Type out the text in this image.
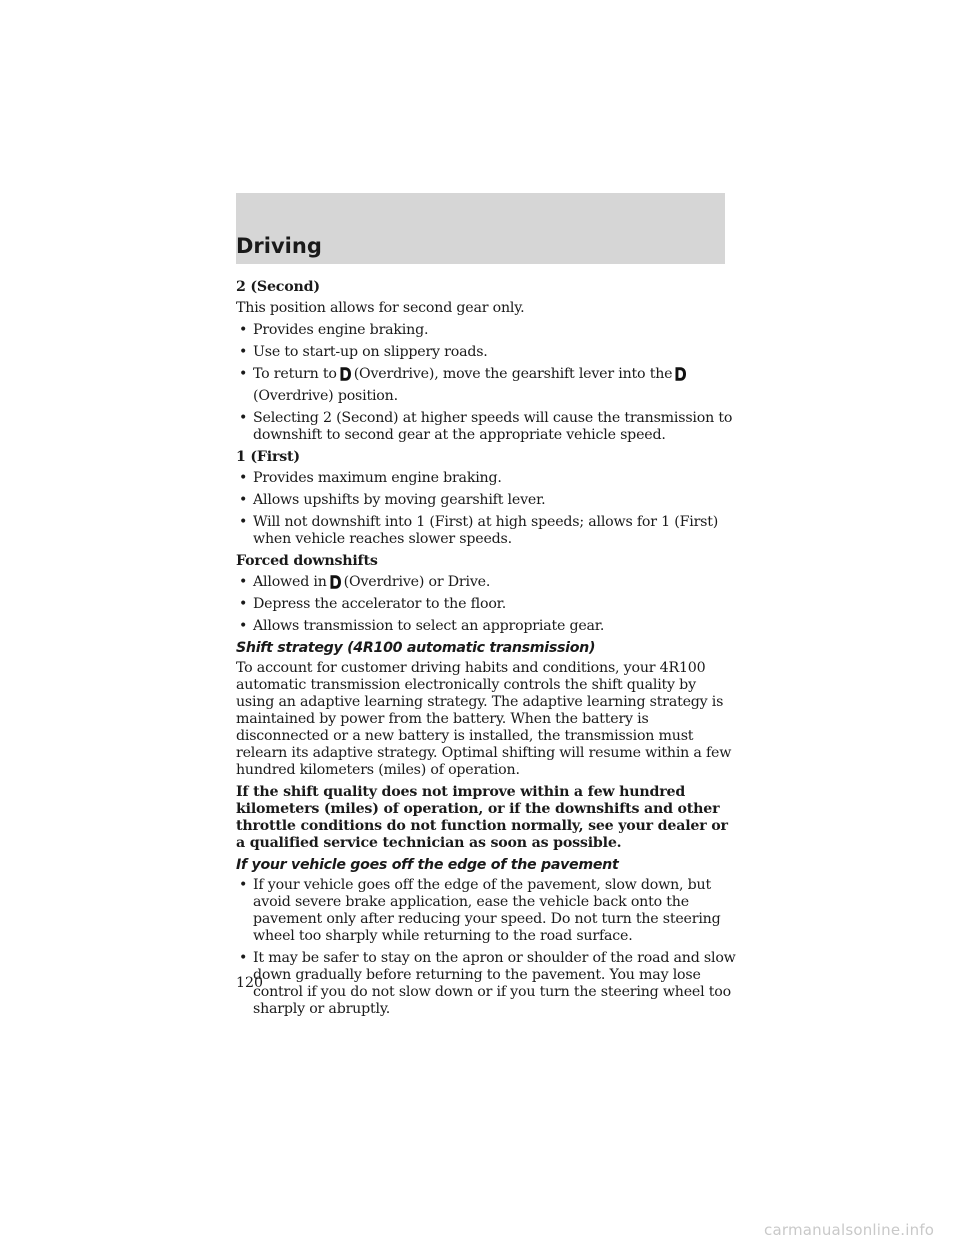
Driving
2 (Second)

This position allows for second gear only.

• Provides engine braking.
• Use to start-up on slippery roads.
• To return to (Overdrive), move the gearshift lever into the
(Overdrive) position.
• Selecting 2 (Second) at higher speeds will cause the transmission to downshift to second gear at the appropriate vehicle speed.
1 (First)
• Provides maximum engine braking.
• Allows upshifts by moving gearshift lever.
• Will not downshift into 1 (First) at high speeds; allows for 1 (First) when vehicle reaches slower speeds.
Forced downshifts
• Allowed in (Overdrive) or Drive.
• Depress the accelerator to the floor.
• Allows transmission to select an appropriate gear.
Shift strategy (4R100 automatic transmission)

To account for customer driving habits and conditions, your 4R100 automatic transmission electronically controls the shift quality by using an adaptive learning strategy. The adaptive learning strategy is maintained by power from the battery. When the battery is disconnected or a new battery is installed, the transmission must relearn its adaptive strategy. Optimal shifting will resume within a few hundred kilometers (miles) of operation.

If the shift quality does not improve within a few hundred kilometers (miles) of operation, or if the downshifts and other throttle conditions do not function normally, see your dealer or a qualified service technician as soon as possible.

If your vehicle goes off the edge of the pavement
• If your vehicle goes off the edge of the pavement, slow down, but avoid severe brake application, ease the vehicle back onto the pavement only after reducing your speed. Do not turn the steering wheel too sharply while returning to the road surface.
• It may be safer to stay on the apron or shoulder of the road and slow down gradually before returning to the pavement. You may lose control if you do not slow down or if you turn the steering wheel too sharply or abruptly.
120
carmanualsonline.info
